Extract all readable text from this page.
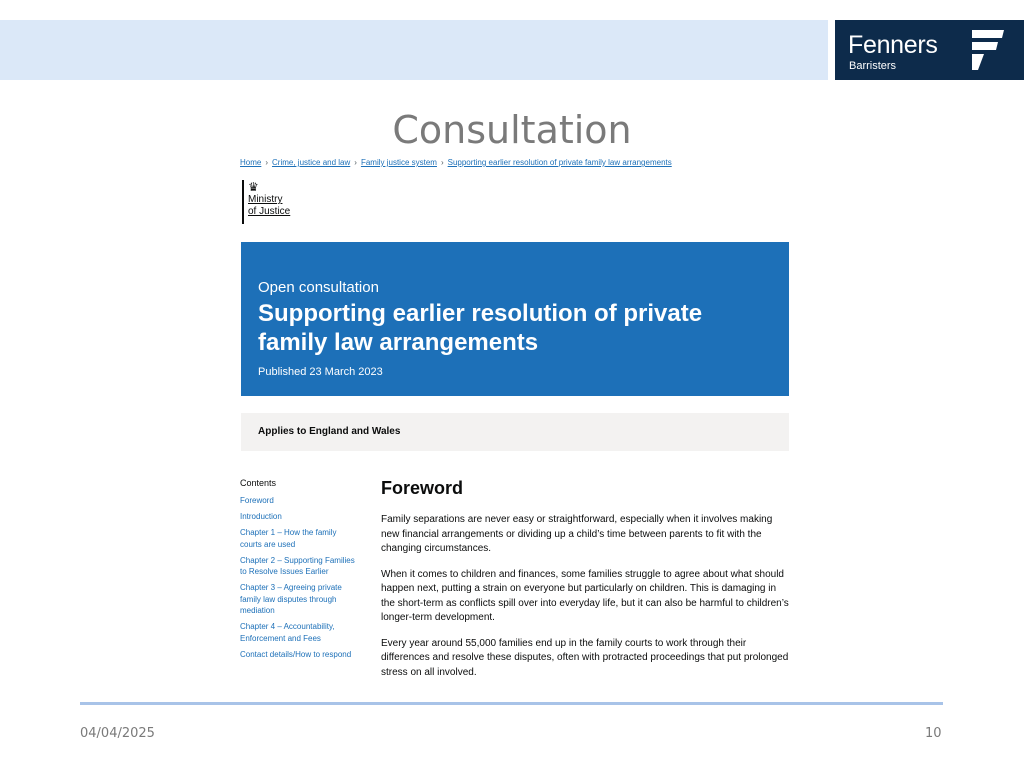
Fenners
Barristers
Consultation
Home › Crime, justice and law › Family justice system › Supporting earlier resolution of private family law arrangements
♛
Ministry
of Justice
Open consultation
Supporting earlier resolution of private family law arrangements
Published 23 March 2023
Applies to England and Wales
Contents
Foreword
Introduction
Chapter 1 – How the family courts are used
Chapter 2 – Supporting Families to Resolve Issues Earlier
Chapter 3 – Agreeing private family law disputes through mediation
Chapter 4 – Accountability, Enforcement and Fees
Contact details/How to respond
Foreword

Family separations are never easy or straightforward, especially when it involves making new financial arrangements or dividing up a child’s time between parents to fit with the changing circumstances.

When it comes to children and finances, some families struggle to agree about what should happen next, putting a strain on everyone but particularly on children. This is damaging in the short-term as conflicts spill over into everyday life, but it can also be harmful to children’s longer-term development.

Every year around 55,000 families end up in the family courts to work through their differences and resolve these disputes, often with protracted proceedings that put prolonged stress on all involved.

04/04/2025	10
